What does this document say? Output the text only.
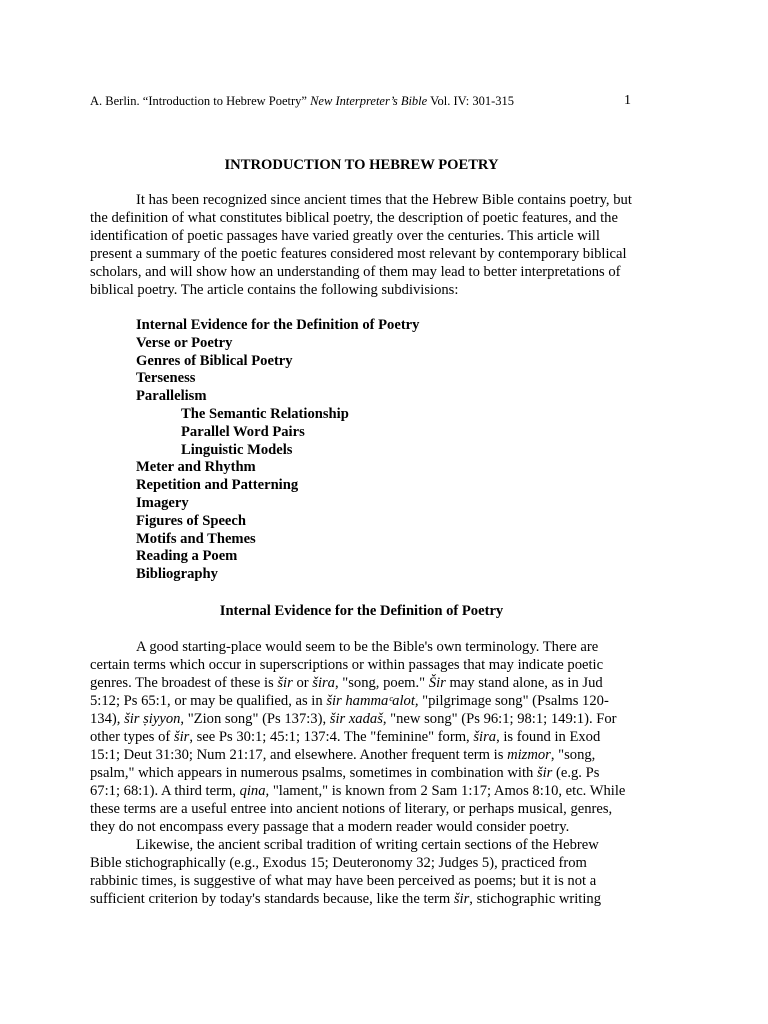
A. Berlin. “Introduction to Hebrew Poetry” New Interpreter’s Bible Vol. IV: 301-315	1
INTRODUCTION TO HEBREW POETRY

It has been recognized since ancient times that the Hebrew Bible contains poetry, but the definition of what constitutes biblical poetry, the description of poetic features, and the identification of poetic passages have varied greatly over the centuries. This article will present a summary of the poetic features considered most relevant by contemporary biblical scholars, and will show how an understanding of them may lead to better interpretations of biblical poetry. The article contains the following subdivisions:

Internal Evidence for the Definition of Poetry
Verse or Poetry
Genres of Biblical Poetry
Terseness
Parallelism
The Semantic Relationship
Parallel Word Pairs
Linguistic Models
Meter and Rhythm
Repetition and Patterning
Imagery
Figures of Speech
Motifs and Themes
Reading a Poem
Bibliography
Internal Evidence for the Definition of Poetry

A good starting-place would seem to be the Bible's own terminology. There are certain terms which occur in superscriptions or within passages that may indicate poetic genres. The broadest of these is šir or šira, "song, poem." Šir may stand alone, as in Jud 5:12; Ps 65:1, or may be qualified, as in šir hammaᶜalot, "pilgrimage song" (Psalms 120-134), šir ṣiyyon, "Zion song" (Ps 137:3), šir xadaš, "new song" (Ps 96:1; 98:1; 149:1). For other types of šir, see Ps 30:1; 45:1; 137:4. The "feminine" form, šira, is found in Exod 15:1; Deut 31:30; Num 21:17, and elsewhere. Another frequent term is mizmor, "song, psalm," which appears in numerous psalms, sometimes in combination with šir (e.g. Ps 67:1; 68:1). A third term, qina, "lament," is known from 2 Sam 1:17; Amos 8:10, etc. While these terms are a useful entree into ancient notions of literary, or perhaps musical, genres, they do not encompass every passage that a modern reader would consider poetry.

Likewise, the ancient scribal tradition of writing certain sections of the Hebrew Bible stichographically (e.g., Exodus 15; Deuteronomy 32; Judges 5), practiced from rabbinic times, is suggestive of what may have been perceived as poems; but it is not a sufficient criterion by today's standards because, like the term šir, stichographic writing
